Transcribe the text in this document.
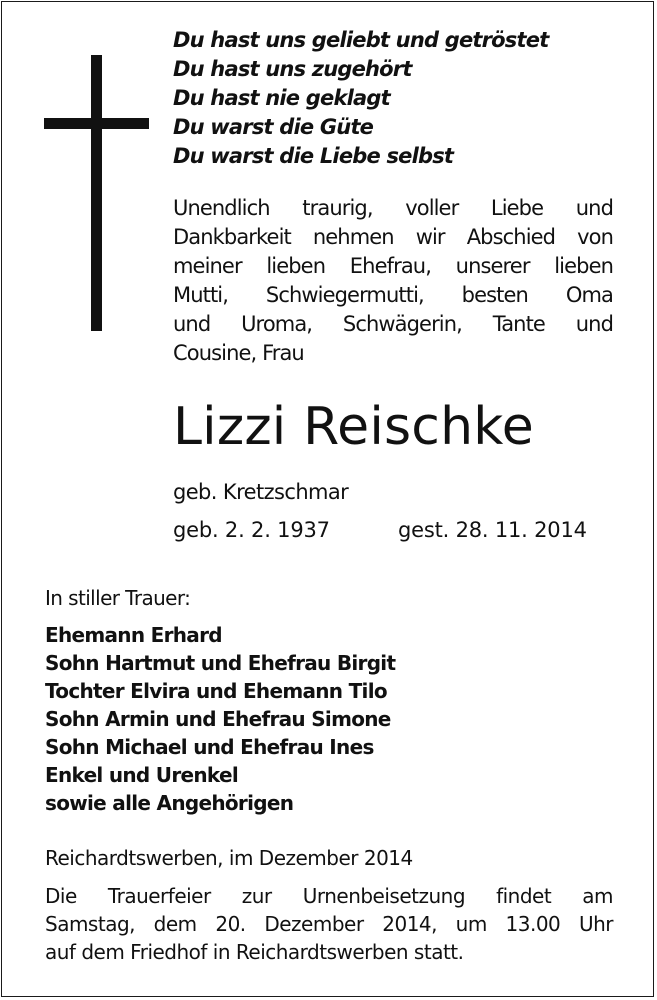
Du hast uns geliebt und getröstet
Du hast uns zugehört
Du hast nie geklagt
Du warst die Güte
Du warst die Liebe selbst

Unendlich traurig, voller Liebe und
Dankbarkeit nehmen wir Abschied von
meiner lieben Ehefrau, unserer lieben
Mutti, Schwiegermutti, besten Oma
und Uroma, Schwägerin, Tante und
Cousine, Frau

Lizzi Reischke
geb. Kretzschmar
geb. 2. 2. 1937	gest. 28. 11. 2014
In stiller Trauer:
Ehemann Erhard
Sohn Hartmut und Ehefrau Birgit
Tochter Elvira und Ehemann Tilo
Sohn Armin und Ehefrau Simone
Sohn Michael und Ehefrau Ines
Enkel und Urenkel
sowie alle Angehörigen
Reichardtswerben, im Dezember 2014

Die Trauerfeier zur Urnenbeisetzung findet am
Samstag, dem 20. Dezember 2014, um 13.00 Uhr
auf dem Friedhof in Reichardtswerben statt.
